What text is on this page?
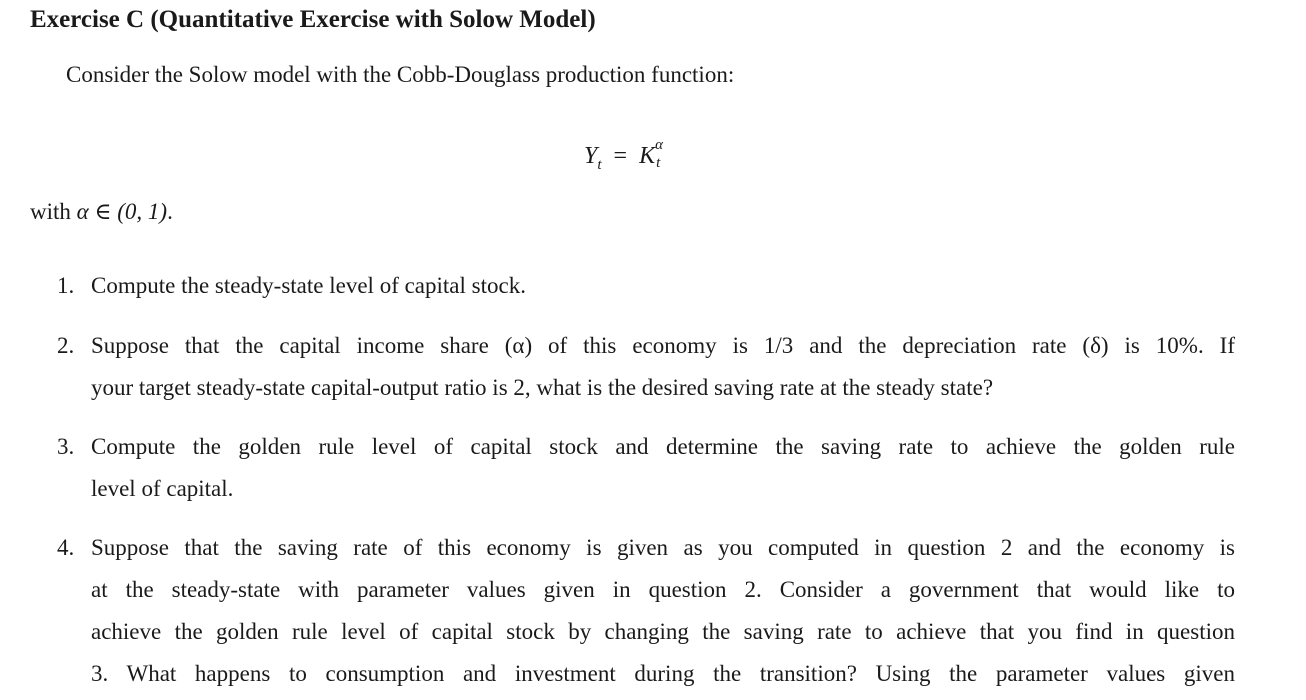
Exercise C (Quantitative Exercise with Solow Model)
Consider the Solow model with the Cobb-Douglass production function:
$Y_t = K$ α
t
with α ∈ (0, 1).
1. Compute the steady-state level of capital stock.
2. Suppose that the capital income share (α) of this economy is 1/3 and the depreciation rate (δ) is 10%. If
your target steady-state capital-output ratio is 2, what is the desired saving rate at the steady state?
3. Compute the golden rule level of capital stock and determine the saving rate to achieve the golden rule
level of capital.
4. Suppose that the saving rate of this economy is given as you computed in question 2 and the economy is
at the steady-state with parameter values given in question 2. Consider a government that would like to
achieve the golden rule level of capital stock by changing the saving rate to achieve that you find in question
3. What happens to consumption and investment during the transition? Using the parameter values given
